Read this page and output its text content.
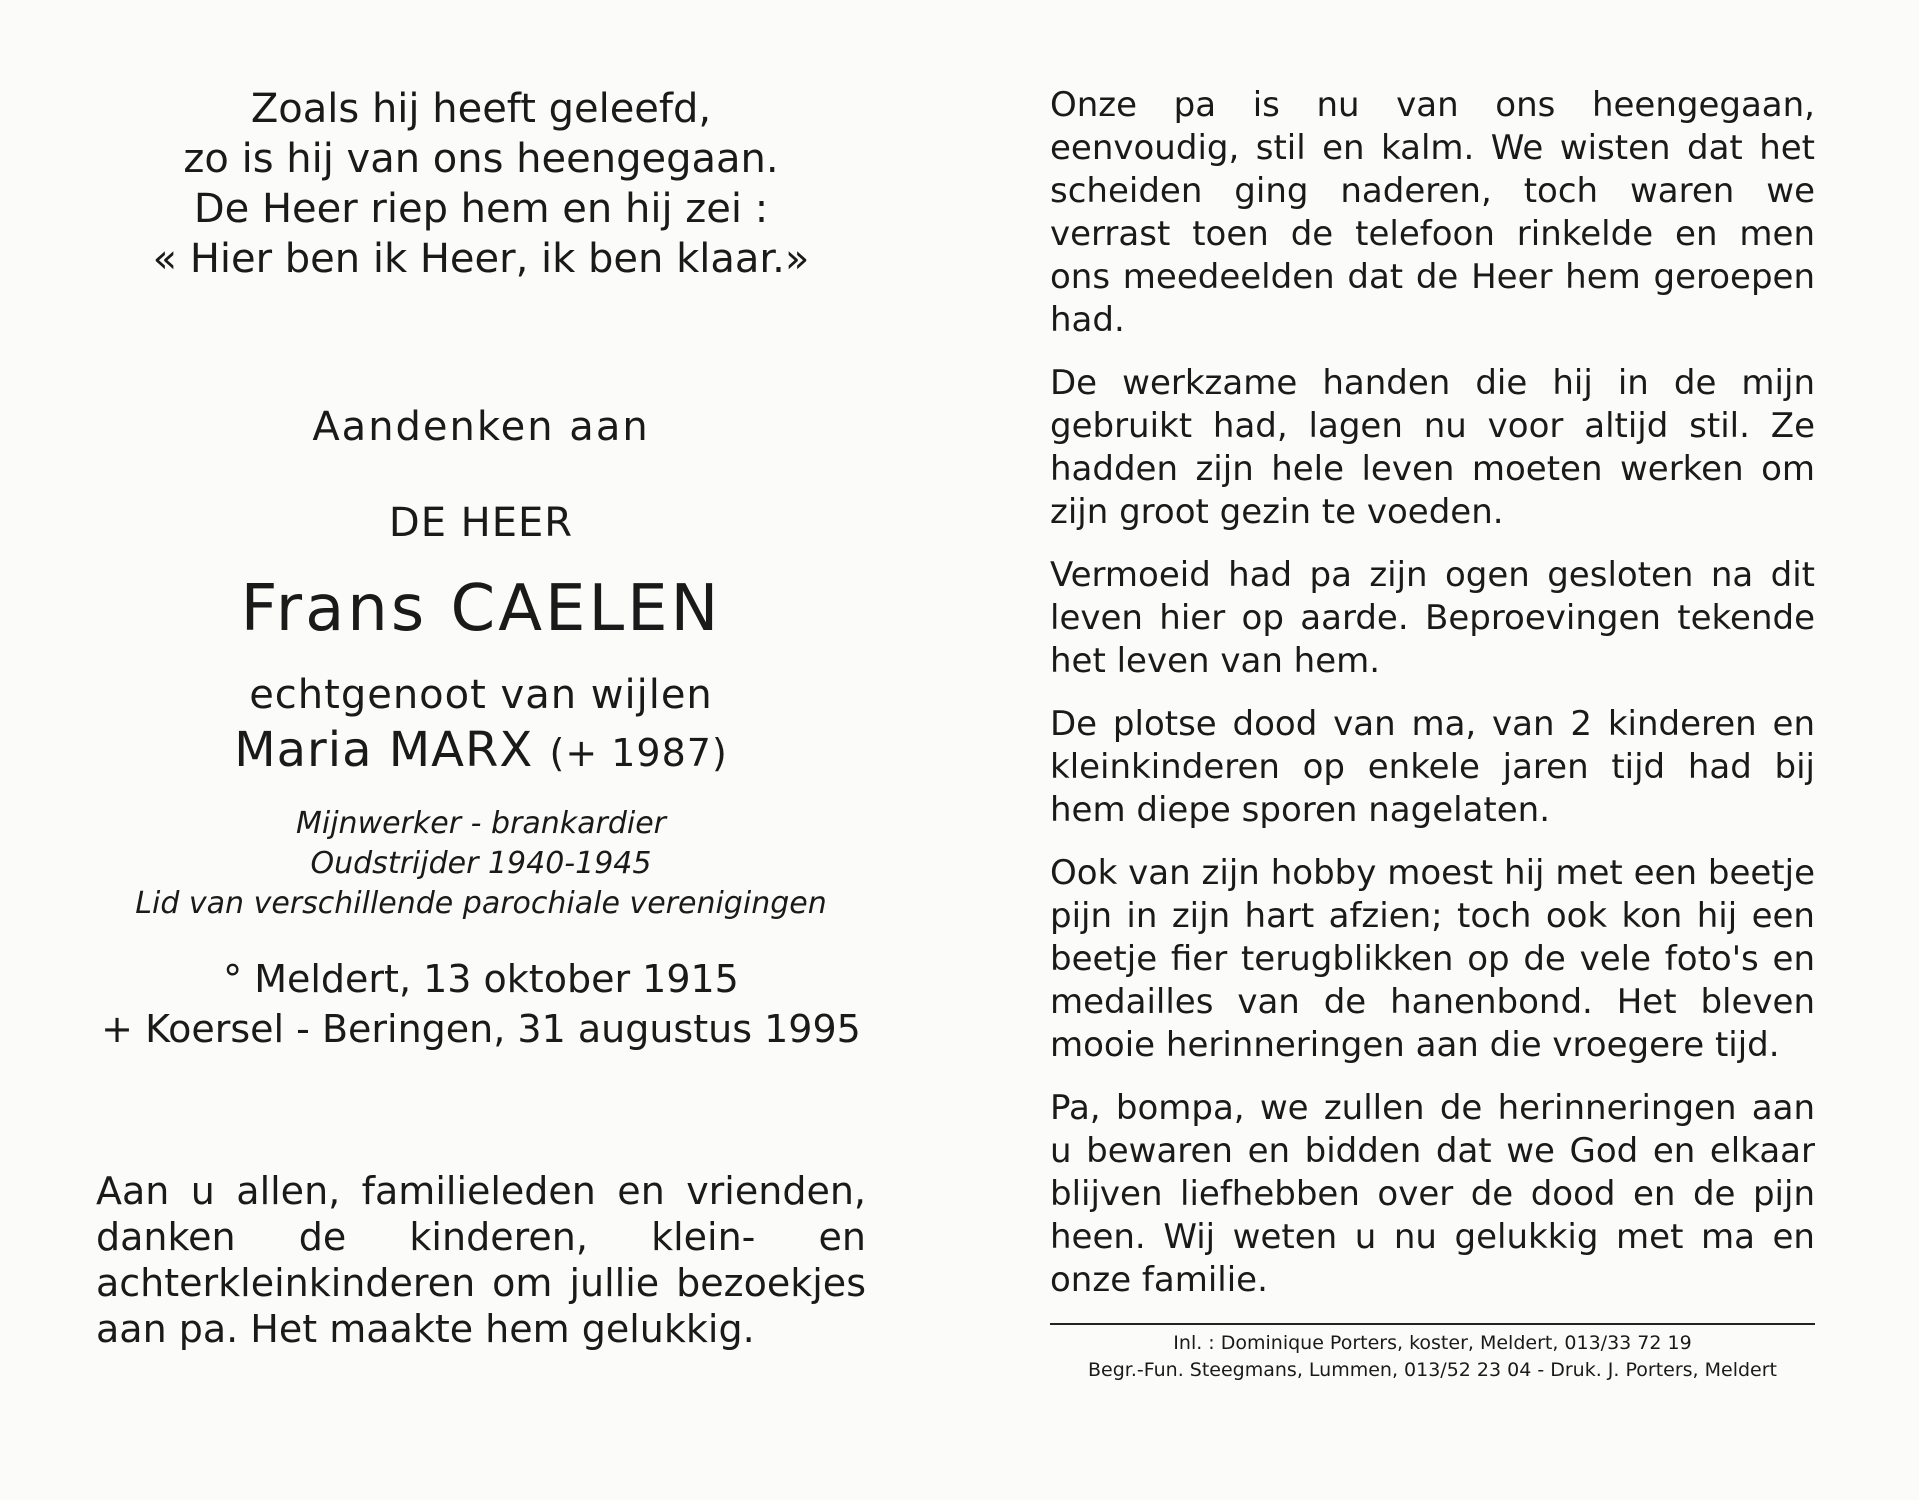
Zoals hij heeft geleefd,

zo is hij van ons heengegaan.

De Heer riep hem en hij zei :

« Hier ben ik Heer, ik ben klaar.»

Aandenken aan
DE HEER
Frans CAELEN
echtgenoot van wijlen
Maria MARX (+ 1987)

Mijnwerker - brankardier

Oudstrijder 1940-1945

Lid van verschillende parochiale verenigingen

° Meldert, 13 oktober 1915

+ Koersel - Beringen, 31 augustus 1995

Aan u allen, familieleden en vrienden, danken de kinderen, klein- en achterkleinkinderen om jullie bezoekjes aan pa. Het maakte hem gelukkig.

Onze pa is nu van ons heengegaan, eenvoudig, stil en kalm. We wisten dat het scheiden ging naderen, toch waren we verrast toen de telefoon rinkelde en men ons meedeelden dat de Heer hem geroepen had.

De werkzame handen die hij in de mijn gebruikt had, lagen nu voor altijd stil. Ze hadden zijn hele leven moeten werken om zijn groot gezin te voeden.

Vermoeid had pa zijn ogen gesloten na dit leven hier op aarde. Beproevingen tekende het leven van hem.

De plotse dood van ma, van 2 kinderen en kleinkinderen op enkele jaren tijd had bij hem diepe sporen nagelaten.

Ook van zijn hobby moest hij met een beetje pijn in zijn hart afzien; toch ook kon hij een beetje fier terugblikken op de vele foto's en medailles van de hanenbond. Het bleven mooie herinneringen aan die vroegere tijd.

Pa, bompa, we zullen de herinneringen aan u bewaren en bidden dat we God en elkaar blijven liefhebben over de dood en de pijn heen. Wij weten u nu gelukkig met ma en onze familie.

Inl. : Dominique Porters, koster, Meldert, 013/33 72 19

Begr.-Fun. Steegmans, Lummen, 013/52 23 04 - Druk. J. Porters, Meldert
